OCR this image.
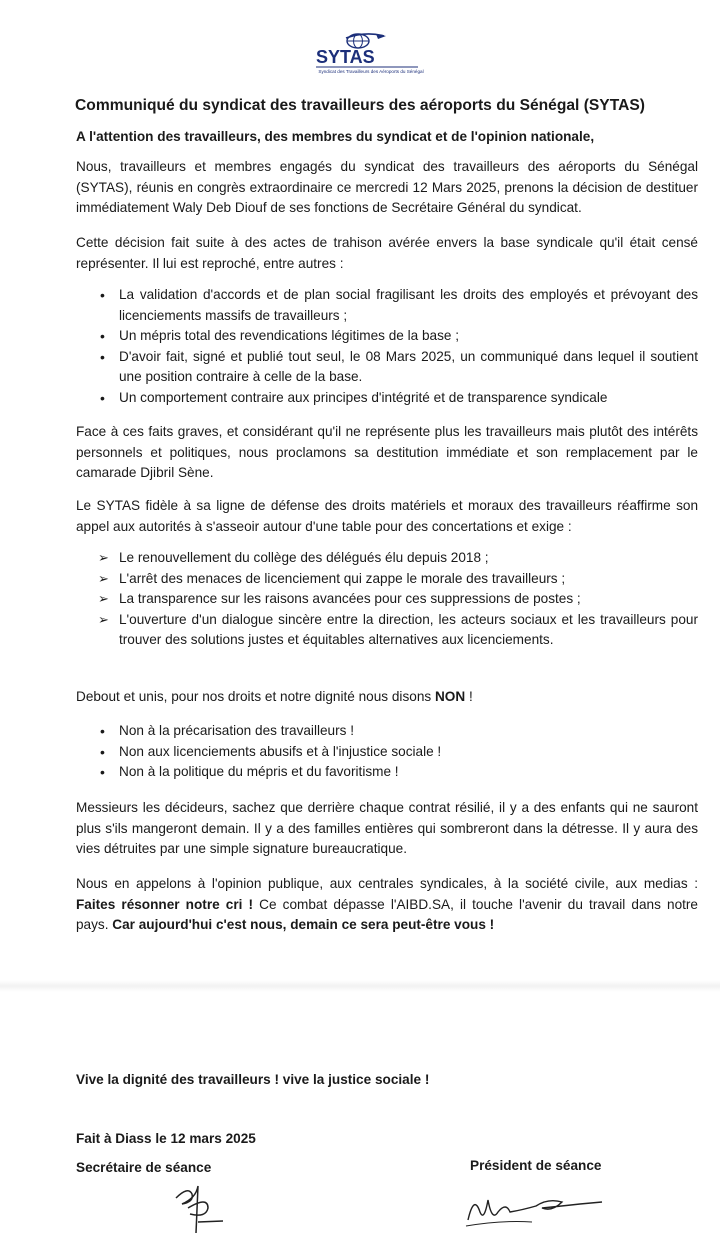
SYTAS
Syndicat des Travailleurs des Aéroports du Sénégal
Communiqué du syndicat des travailleurs des aéroports du Sénégal (SYTAS)
A l'attention des travailleurs, des membres du syndicat et de l'opinion nationale,

Nous, travailleurs et membres engagés du syndicat des travailleurs des aéroports du Sénégal (SYTAS), réunis en congrès extraordinaire ce mercredi 12 Mars 2025, prenons la décision de destituer immédiatement Waly Deb Diouf de ses fonctions de Secrétaire Général du syndicat.

Cette décision fait suite à des actes de trahison avérée envers la base syndicale qu'il était censé représenter. Il lui est reproché, entre autres :

• La validation d'accords et de plan social fragilisant les droits des employés et prévoyant des licenciements massifs de travailleurs ;
• Un mépris total des revendications légitimes de la base ;
• D'avoir fait, signé et publié tout seul, le 08 Mars 2025, un communiqué dans lequel il soutient une position contraire à celle de la base.
• Un comportement contraire aux principes d'intégrité et de transparence syndicale

Face à ces faits graves, et considérant qu'il ne représente plus les travailleurs mais plutôt des intérêts personnels et politiques, nous proclamons sa destitution immédiate et son remplacement par le camarade Djibril Sène.

Le SYTAS fidèle à sa ligne de défense des droits matériels et moraux des travailleurs réaffirme son appel aux autorités à s'asseoir autour d'une table pour des concertations et exige :

➢ Le renouvellement du collège des délégués élu depuis 2018 ;
➢ L'arrêt des menaces de licenciement qui zappe le morale des travailleurs ;
➢ La transparence sur les raisons avancées pour ces suppressions de postes ;
➢ L'ouverture d'un dialogue sincère entre la direction, les acteurs sociaux et les travailleurs pour trouver des solutions justes et équitables alternatives aux licenciements.

Debout et unis, pour nos droits et notre dignité nous disons NON !

• Non à la précarisation des travailleurs !
• Non aux licenciements abusifs et à l'injustice sociale !
• Non à la politique du mépris et du favoritisme !

Messieurs les décideurs, sachez que derrière chaque contrat résilié, il y a des enfants qui ne sauront plus s'ils mangeront demain. Il y a des familles entières qui sombreront dans la détresse. Il y aura des vies détruites par une simple signature bureaucratique.

Nous en appelons à l'opinion publique, aux centrales syndicales, à la société civile, aux medias : Faites résonner notre cri ! Ce combat dépasse l'AIBD.SA, il touche l'avenir du travail dans notre pays. Car aujourd'hui c'est nous, demain ce sera peut-être vous !

Vive la dignité des travailleurs ! vive la justice sociale !
Fait à Diass le 12 mars 2025
Secrétaire de séance	Président de séance
